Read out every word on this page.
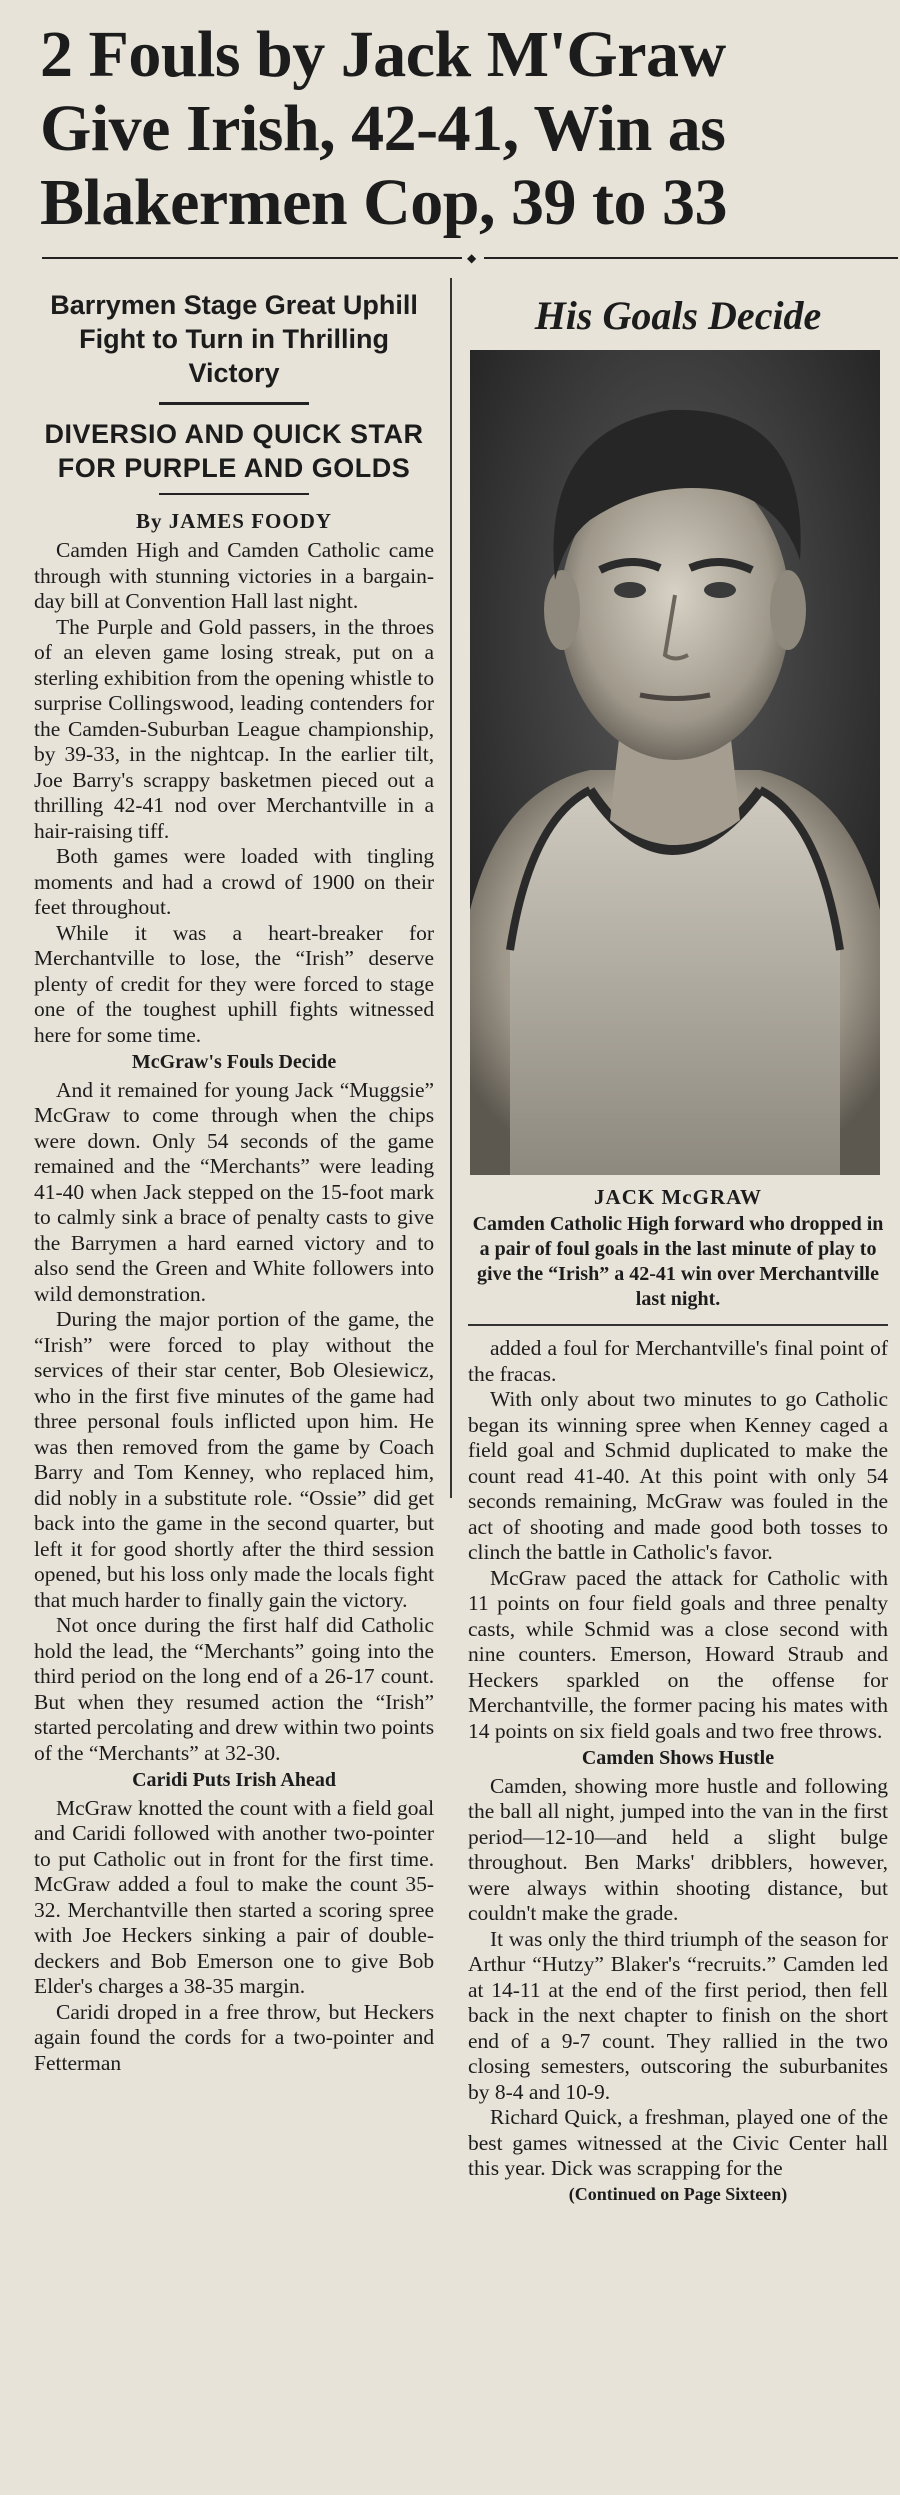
2 Fouls by Jack M'Graw
Give Irish, 42-41, Win as
Blakermen Cop, 39 to 33
◆
Barrymen Stage Great Uphill
Fight to Turn in Thrilling
Victory
DIVERSIO AND QUICK STAR
FOR PURPLE AND GOLDS
By JAMES FOODY

Camden High and Camden Catholic came through with stunning victories in a bargain-day bill at Convention Hall last night.

The Purple and Gold passers, in the throes of an eleven game losing streak, put on a sterling exhibition from the opening whistle to surprise Collingswood, leading contenders for the Camden-Suburban League championship, by 39-33, in the nightcap. In the earlier tilt, Joe Barry's scrappy basketmen pieced out a thrilling 42-41 nod over Merchantville in a hair-raising tiff.

Both games were loaded with tingling moments and had a crowd of 1900 on their feet throughout.

While it was a heart-breaker for Merchantville to lose, the “Irish” deserve plenty of credit for they were forced to stage one of the toughest uphill fights witnessed here for some time.

McGraw's Fouls Decide

And it remained for young Jack “Muggsie” McGraw to come through when the chips were down. Only 54 seconds of the game remained and the “Merchants” were leading 41-40 when Jack stepped on the 15-foot mark to calmly sink a brace of penalty casts to give the Barrymen a hard earned victory and to also send the Green and White followers into wild demonstration.

During the major portion of the game, the “Irish” were forced to play without the services of their star center, Bob Olesiewicz, who in the first five minutes of the game had three personal fouls inflicted upon him. He was then removed from the game by Coach Barry and Tom Kenney, who replaced him, did nobly in a substitute role. “Ossie” did get back into the game in the second quarter, but left it for good shortly after the third session opened, but his loss only made the locals fight that much harder to finally gain the victory.

Not once during the first half did Catholic hold the lead, the “Merchants” going into the third period on the long end of a 26-17 count. But when they resumed action the “Irish” started percolating and drew within two points of the “Merchants” at 32-30.

Caridi Puts Irish Ahead

McGraw knotted the count with a field goal and Caridi followed with another two-pointer to put Catholic out in front for the first time. McGraw added a foul to make the count 35-32. Merchantville then started a scoring spree with Joe Heckers sinking a pair of double-deckers and Bob Emerson one to give Bob Elder's charges a 38-35 margin.

Caridi droped in a free throw, but Heckers again found the cords for a two-pointer and Fetterman

His Goals Decide
JACK McGRAW
Camden Catholic High forward who dropped in a pair of foul goals in the last minute of play to give the “Irish” a 42-41 win over Merchantville last night.

added a foul for Merchantville's final point of the fracas.

With only about two minutes to go Catholic began its winning spree when Kenney caged a field goal and Schmid duplicated to make the count read 41-40. At this point with only 54 seconds remaining, McGraw was fouled in the act of shooting and made good both tosses to clinch the battle in Catholic's favor.

McGraw paced the attack for Catholic with 11 points on four field goals and three penalty casts, while Schmid was a close second with nine counters. Emerson, Howard Straub and Heckers sparkled on the offense for Merchantville, the former pacing his mates with 14 points on six field goals and two free throws.

Camden Shows Hustle

Camden, showing more hustle and following the ball all night, jumped into the van in the first period—12-10—and held a slight bulge throughout. Ben Marks' dribblers, however, were always within shooting distance, but couldn't make the grade.

It was only the third triumph of the season for Arthur “Hutzy” Blaker's “recruits.” Camden led at 14-11 at the end of the first period, then fell back in the next chapter to finish on the short end of a 9-7 count. They rallied in the two closing semesters, outscoring the suburbanites by 8-4 and 10-9.

Richard Quick, a freshman, played one of the best games witnessed at the Civic Center hall this year. Dick was scrapping for the

(Continued on Page Sixteen)
